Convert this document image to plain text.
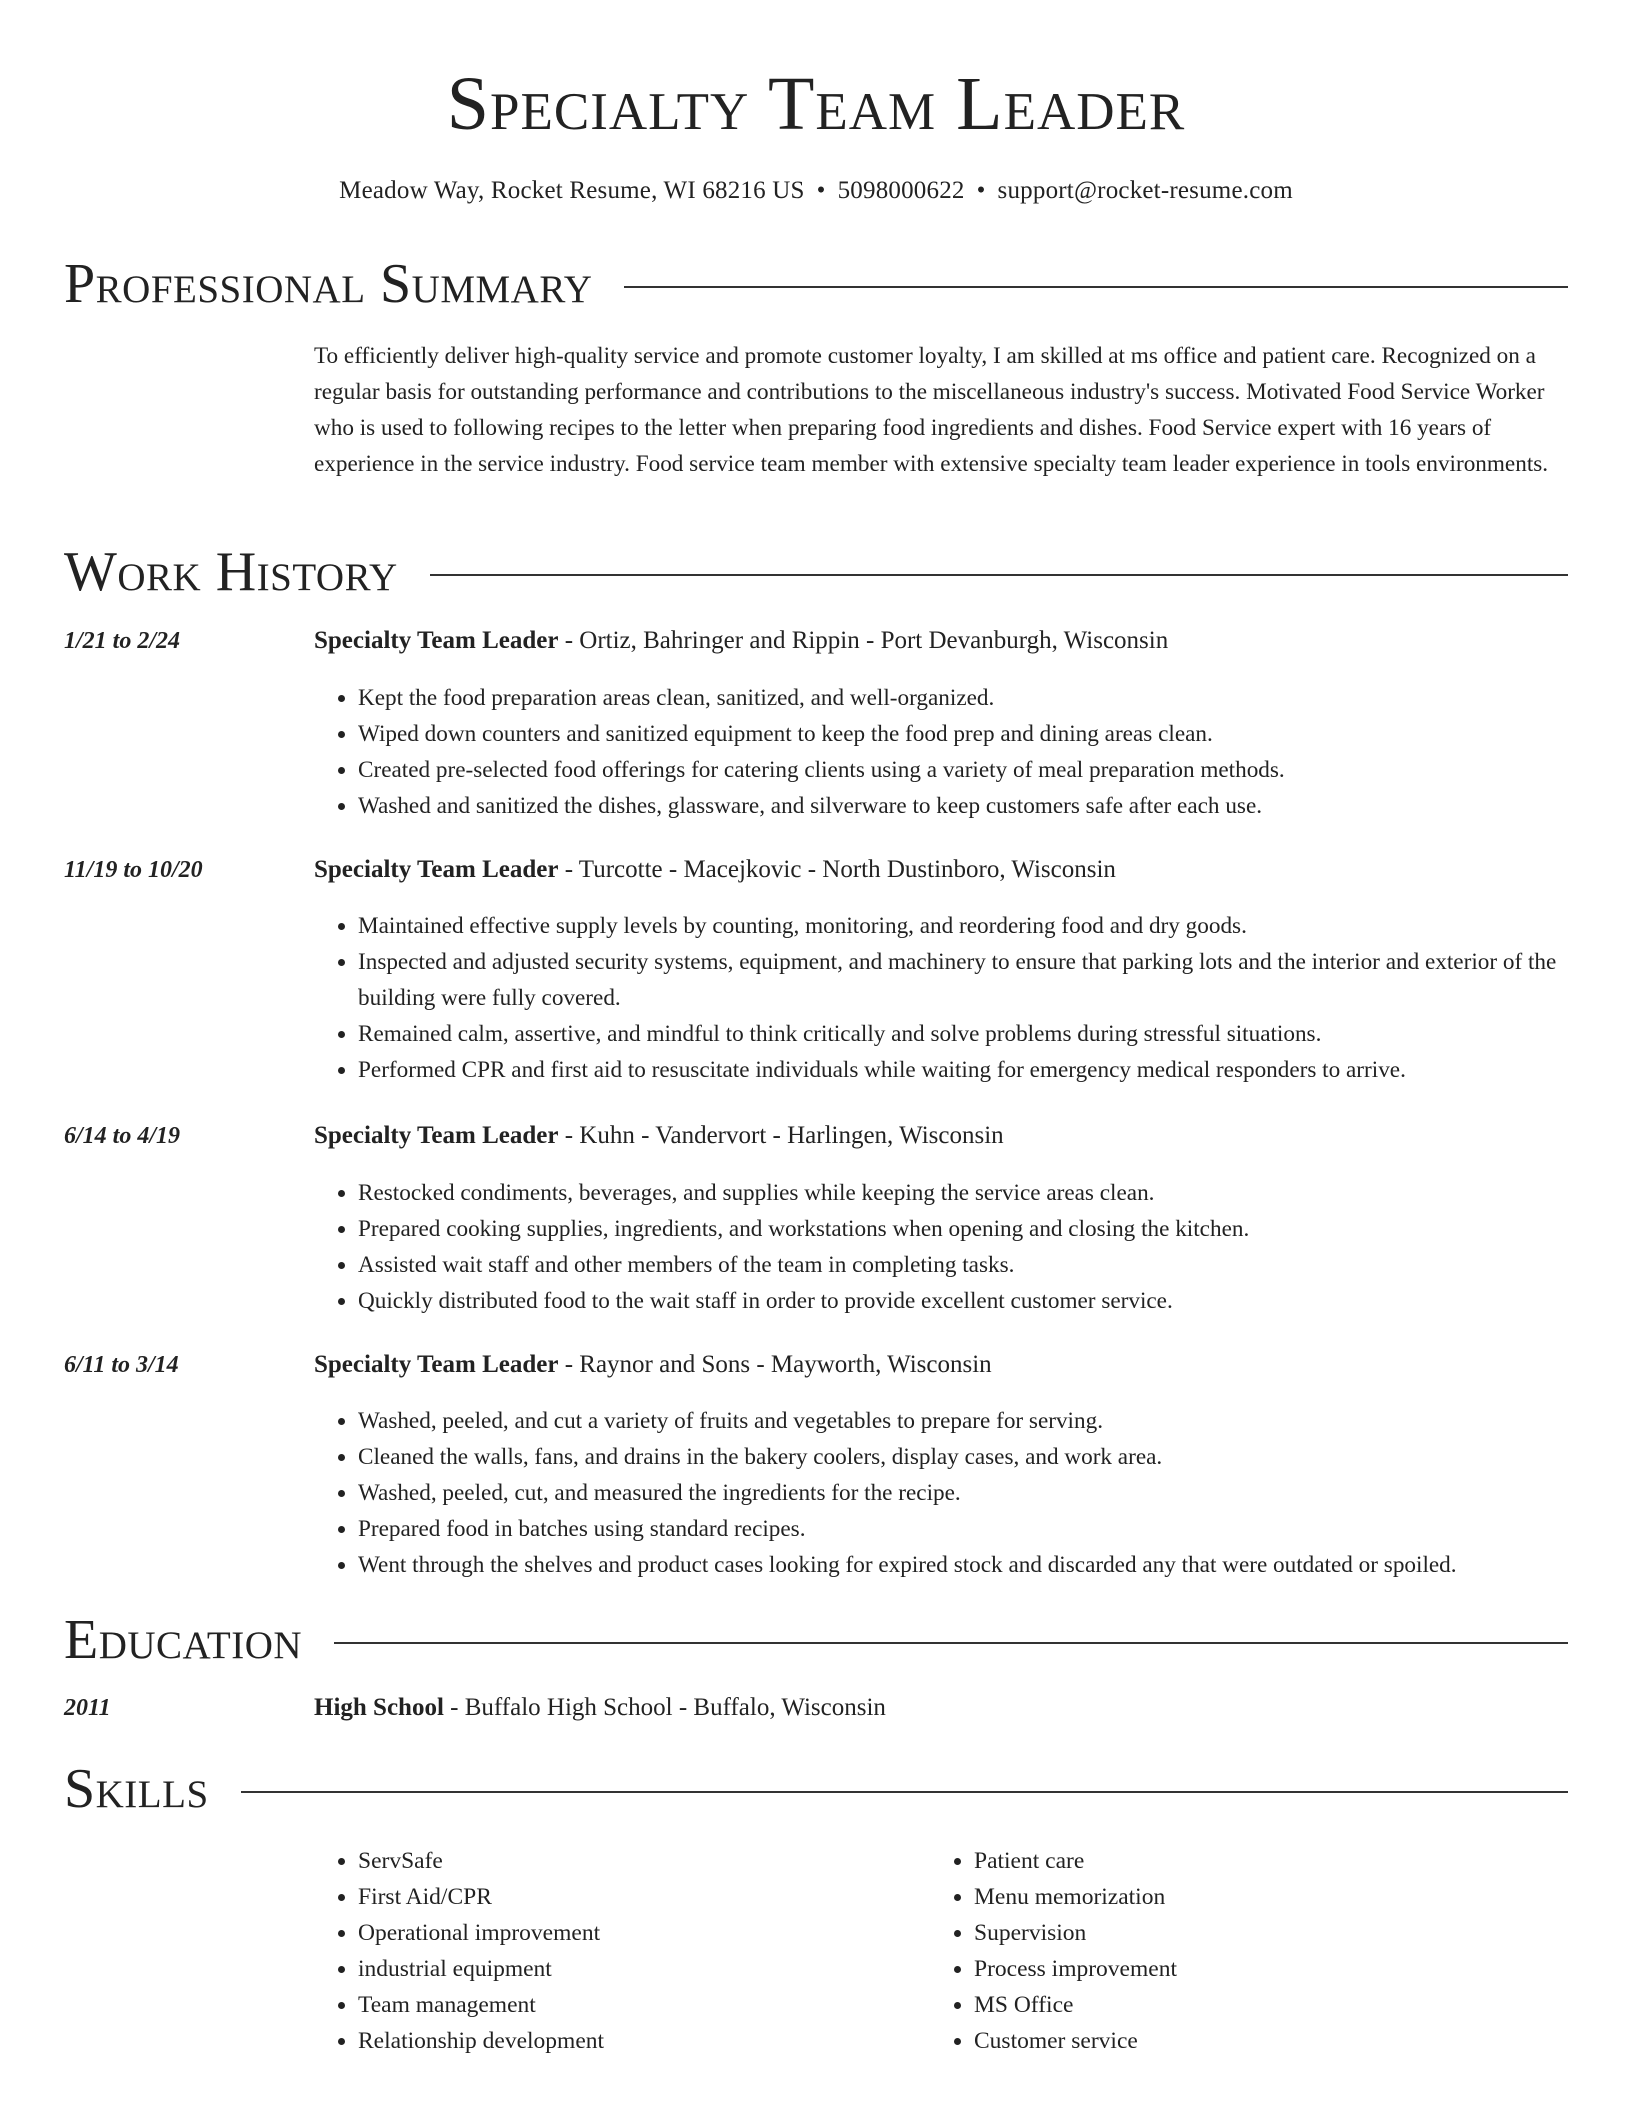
Specialty Team Leader
Meadow Way, Rocket Resume, WI 68216 US • 5098000622 • support@rocket-resume.com
Professional Summary

To efficiently deliver high-quality service and promote customer loyalty, I am skilled at ms office and patient care. Recognized on a regular basis for outstanding performance and contributions to the miscellaneous industry's success. Motivated Food Service Worker who is used to following recipes to the letter when preparing food ingredients and dishes. Food Service expert with 16 years of experience in the service industry. Food service team member with extensive specialty team leader experience in tools environments.

Work History
1/21 to 2/24	Specialty Team Leader - Ortiz, Bahringer and Rippin - Port Devanburgh, Wisconsin
• Kept the food preparation areas clean, sanitized, and well-organized.
• Wiped down counters and sanitized equipment to keep the food prep and dining areas clean.
• Created pre-selected food offerings for catering clients using a variety of meal preparation methods.
• Washed and sanitized the dishes, glassware, and silverware to keep customers safe after each use.
11/19 to 10/20	Specialty Team Leader - Turcotte - Macejkovic - North Dustinboro, Wisconsin
• Maintained effective supply levels by counting, monitoring, and reordering food and dry goods.
• Inspected and adjusted security systems, equipment, and machinery to ensure that parking lots and the interior and exterior of the building were fully covered.
• Remained calm, assertive, and mindful to think critically and solve problems during stressful situations.
• Performed CPR and first aid to resuscitate individuals while waiting for emergency medical responders to arrive.
6/14 to 4/19	Specialty Team Leader - Kuhn - Vandervort - Harlingen, Wisconsin
• Restocked condiments, beverages, and supplies while keeping the service areas clean.
• Prepared cooking supplies, ingredients, and workstations when opening and closing the kitchen.
• Assisted wait staff and other members of the team in completing tasks.
• Quickly distributed food to the wait staff in order to provide excellent customer service.
6/11 to 3/14	Specialty Team Leader - Raynor and Sons - Mayworth, Wisconsin
• Washed, peeled, and cut a variety of fruits and vegetables to prepare for serving.
• Cleaned the walls, fans, and drains in the bakery coolers, display cases, and work area.
• Washed, peeled, cut, and measured the ingredients for the recipe.
• Prepared food in batches using standard recipes.
• Went through the shelves and product cases looking for expired stock and discarded any that were outdated or spoiled.
Education
2011	High School - Buffalo High School - Buffalo, Wisconsin
Skills
• ServSafe
• First Aid/CPR
• Operational improvement
• industrial equipment
• Team management
• Relationship development
• Patient care
• Menu memorization
• Supervision
• Process improvement
• MS Office
• Customer service
